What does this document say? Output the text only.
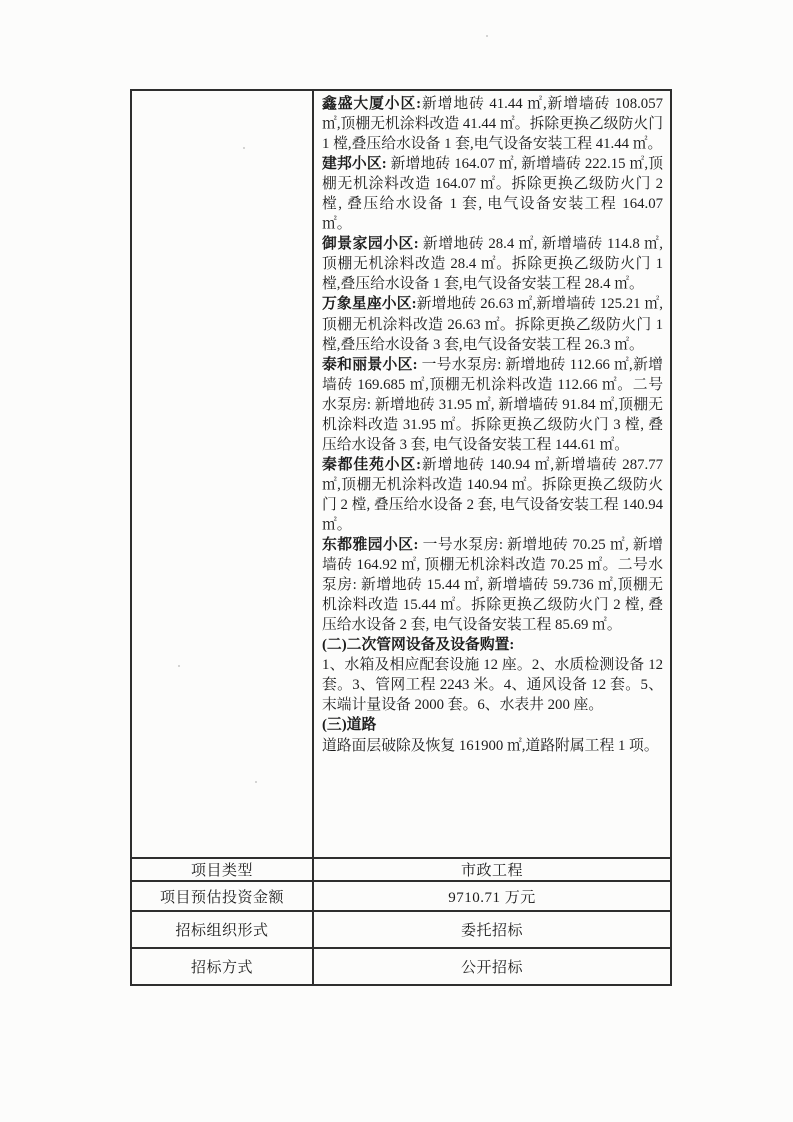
鑫盛大厦小区:新增地砖 41.44 ㎡,新增墙砖 108.057 ㎡,顶棚无机涂料改造 41.44 ㎡。拆除更换乙级防火门 1 樘,叠压给水设备 1 套,电气设备安装工程 41.44 ㎡。

建邦小区: 新增地砖 164.07 ㎡, 新增墙砖 222.15 ㎡,顶棚无机涂料改造 164.07 ㎡。拆除更换乙级防火门 2 樘, 叠压给水设备 1 套, 电气设备安装工程 164.07 ㎡。

御景家园小区: 新增地砖 28.4 ㎡, 新增墙砖 114.8 ㎡,顶棚无机涂料改造 28.4 ㎡。拆除更换乙级防火门 1 樘,叠压给水设备 1 套,电气设备安装工程 28.4 ㎡。

万象星座小区:新增地砖 26.63 ㎡,新增墙砖 125.21 ㎡,顶棚无机涂料改造 26.63 ㎡。拆除更换乙级防火门 1 樘,叠压给水设备 3 套,电气设备安装工程 26.3 ㎡。

泰和丽景小区: 一号水泵房: 新增地砖 112.66 ㎡,新增墙砖 169.685 ㎡,顶棚无机涂料改造 112.66 ㎡。二号水泵房: 新增地砖 31.95 ㎡, 新增墙砖 91.84 ㎡,顶棚无机涂料改造 31.95 ㎡。拆除更换乙级防火门 3 樘, 叠压给水设备 3 套, 电气设备安装工程 144.61 ㎡。

秦都佳苑小区:新增地砖 140.94 ㎡,新增墙砖 287.77 ㎡,顶棚无机涂料改造 140.94 ㎡。拆除更换乙级防火门 2 樘, 叠压给水设备 2 套, 电气设备安装工程 140.94 ㎡。

东都雅园小区: 一号水泵房: 新增地砖 70.25 ㎡, 新增墙砖 164.92 ㎡, 顶棚无机涂料改造 70.25 ㎡。二号水泵房: 新增地砖 15.44 ㎡, 新增墙砖 59.736 ㎡,顶棚无机涂料改造 15.44 ㎡。拆除更换乙级防火门 2 樘, 叠压给水设备 2 套, 电气设备安装工程 85.69 ㎡。

(二)二次管网设备及设备购置:

1、水箱及相应配套设施 12 座。2、水质检测设备 12 套。3、管网工程 2243 米。4、通风设备 12 套。5、末端计量设备 2000 套。6、水表井 200 座。

(三)道路

道路面层破除及恢复 161900 ㎡,道路附属工程 1 项。

项目类型	市政工程
项目预估投资金额	9710.71 万元
招标组织形式	委托招标
招标方式	公开招标
